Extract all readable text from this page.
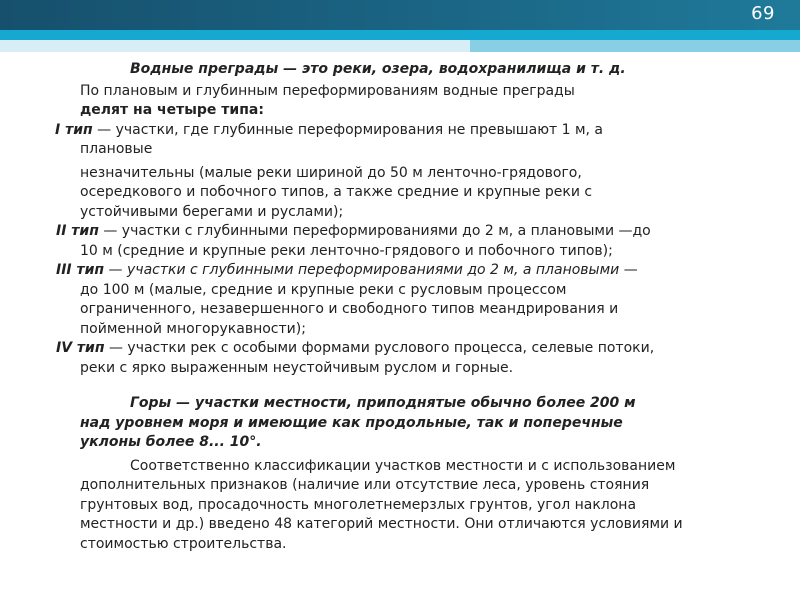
69

Водные преграды — это реки, озера, водохранилища и т. д.

По плановым и глубинным переформированиям водные преграды

делят на четыре типа:

I тип — участки, где глубинные переформирования не превышают 1 м, а

плановые

незначительны (малые реки шириной до 50 м ленточно-грядового,

осередкового и побочного типов, а также средние и крупные реки с

устойчивыми берегами и руслами);

II тип — участки с глубинными переформированиями до 2 м, а плановыми —до

10 м (средние и крупные реки ленточно-грядового и побочного типов);

III тип — участки с глубинными переформированиями до 2 м, а плановыми —

до 100 м (малые, средние и крупные реки с русловым процессом

ограниченного, незавершенного и свободного типов меандрирования и

пойменной многорукавности);

IV тип — участки рек с особыми формами руслового процесса, селевые потоки,

реки с ярко выраженным неустойчивым руслом и горные.

Горы — участки местности, приподнятые обычно более 200 м

над уровнем моря и имеющие как продольные, так и поперечные

уклоны более 8... 10°.

Соответственно классификации участков местности и с использованием

дополнительных признаков (наличие или отсутствие леса, уровень стояния

грунтовых вод, просадочность многолетнемерзлых грунтов, угол наклона

местности и др.) введено 48 категорий местности. Они отличаются условиями и

стоимостью строительства.
